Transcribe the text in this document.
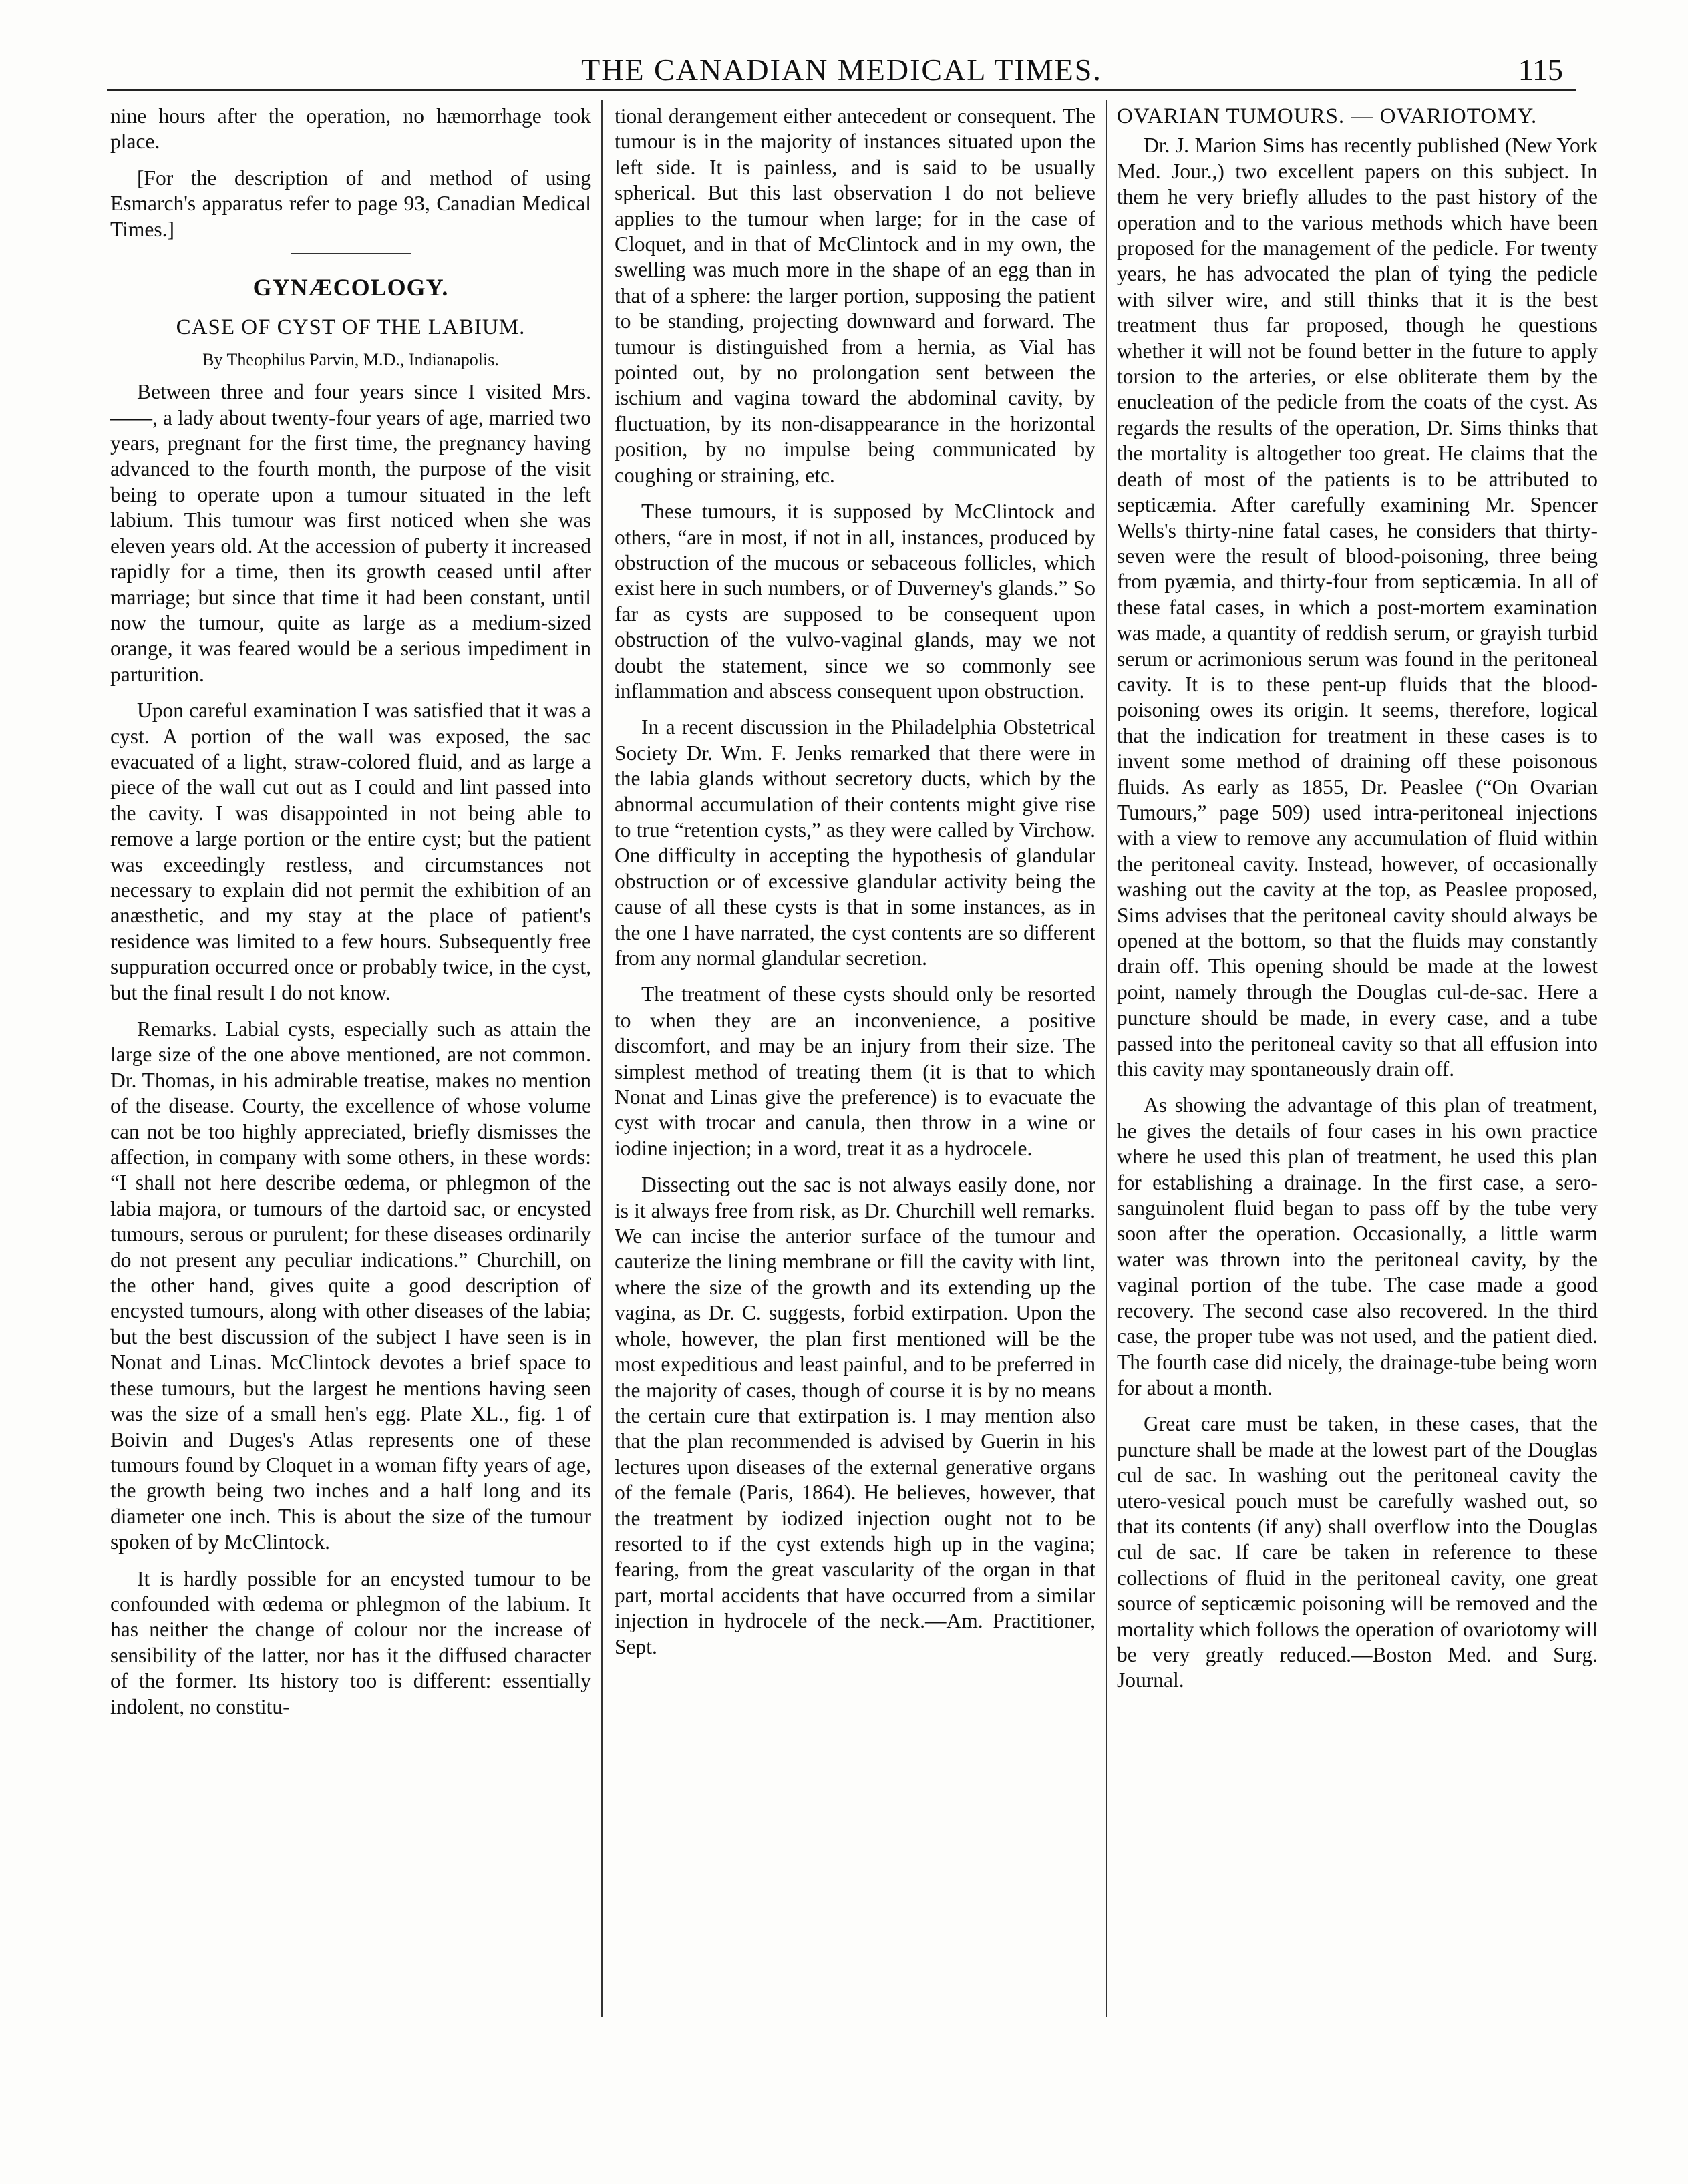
THE CANADIAN MEDICAL TIMES.	115

nine hours after the operation, no hæmorrhage took place.

[For the description of and method of using Esmarch's apparatus refer to page 93, Canadian Medical Times.]

GYNÆCOLOGY.
CASE OF CYST OF THE LABIUM.
By Theophilus Parvin, M.D., Indianapolis.

Between three and four years since I visited Mrs.——, a lady about twenty-four years of age, married two years, pregnant for the first time, the pregnancy having advanced to the fourth month, the purpose of the visit being to operate upon a tumour situated in the left labium. This tumour was first noticed when she was eleven years old. At the accession of puberty it increased rapidly for a time, then its growth ceased until after marriage; but since that time it had been constant, until now the tumour, quite as large as a medium-sized orange, it was feared would be a serious impediment in parturition.

Upon careful examination I was satisfied that it was a cyst. A portion of the wall was exposed, the sac evacuated of a light, straw-colored fluid, and as large a piece of the wall cut out as I could and lint passed into the cavity. I was disappointed in not being able to remove a large portion or the entire cyst; but the patient was exceedingly restless, and circumstances not necessary to explain did not permit the exhibition of an anæsthetic, and my stay at the place of patient's residence was limited to a few hours. Subsequently free suppuration occurred once or probably twice, in the cyst, but the final result I do not know.

Remarks. Labial cysts, especially such as attain the large size of the one above mentioned, are not common. Dr. Thomas, in his admirable treatise, makes no mention of the disease. Courty, the excellence of whose volume can not be too highly appreciated, briefly dismisses the affection, in company with some others, in these words: “I shall not here describe œdema, or phlegmon of the labia majora, or tumours of the dartoid sac, or encysted tumours, serous or purulent; for these diseases ordinarily do not present any peculiar indications.” Churchill, on the other hand, gives quite a good description of encysted tumours, along with other diseases of the labia; but the best discussion of the subject I have seen is in Nonat and Linas. McClintock devotes a brief space to these tumours, but the largest he mentions having seen was the size of a small hen's egg. Plate XL., fig. 1 of Boivin and Duges's Atlas represents one of these tumours found by Cloquet in a woman fifty years of age, the growth being two inches and a half long and its diameter one inch. This is about the size of the tumour spoken of by McClintock.

It is hardly possible for an encysted tumour to be confounded with œdema or phlegmon of the labium. It has neither the change of colour nor the increase of sensibility of the latter, nor has it the diffused character of the former. Its history too is different: essentially indolent, no constitu-

tional derangement either antecedent or consequent. The tumour is in the majority of instances situated upon the left side. It is painless, and is said to be usually spherical. But this last observation I do not believe applies to the tumour when large; for in the case of Cloquet, and in that of McClintock and in my own, the swelling was much more in the shape of an egg than in that of a sphere: the larger portion, supposing the patient to be standing, projecting downward and forward. The tumour is distinguished from a hernia, as Vial has pointed out, by no prolongation sent between the ischium and vagina toward the abdominal cavity, by fluctuation, by its non-disappearance in the horizontal position, by no impulse being communicated by coughing or straining, etc.

These tumours, it is supposed by McClintock and others, “are in most, if not in all, instances, produced by obstruction of the mucous or sebaceous follicles, which exist here in such numbers, or of Duverney's glands.” So far as cysts are supposed to be consequent upon obstruction of the vulvo-vaginal glands, may we not doubt the statement, since we so commonly see inflammation and abscess consequent upon obstruction.

In a recent discussion in the Philadelphia Obstetrical Society Dr. Wm. F. Jenks remarked that there were in the labia glands without secretory ducts, which by the abnormal accumulation of their contents might give rise to true “retention cysts,” as they were called by Virchow. One difficulty in accepting the hypothesis of glandular obstruction or of excessive glandular activity being the cause of all these cysts is that in some instances, as in the one I have narrated, the cyst contents are so different from any normal glandular secretion.

The treatment of these cysts should only be resorted to when they are an inconvenience, a positive discomfort, and may be an injury from their size. The simplest method of treating them (it is that to which Nonat and Linas give the preference) is to evacuate the cyst with trocar and canula, then throw in a wine or iodine injection; in a word, treat it as a hydrocele.

Dissecting out the sac is not always easily done, nor is it always free from risk, as Dr. Churchill well remarks. We can incise the anterior surface of the tumour and cauterize the lining membrane or fill the cavity with lint, where the size of the growth and its extending up the vagina, as Dr. C. suggests, forbid extirpation. Upon the whole, however, the plan first mentioned will be the most expeditious and least painful, and to be preferred in the majority of cases, though of course it is by no means the certain cure that extirpation is. I may mention also that the plan recommended is advised by Guerin in his lectures upon diseases of the external generative organs of the female (Paris, 1864). He believes, however, that the treatment by iodized injection ought not to be resorted to if the cyst extends high up in the vagina; fearing, from the great vascularity of the organ in that part, mortal accidents that have occurred from a similar injection in hydrocele of the neck.—Am. Practitioner, Sept.

OVARIAN TUMOURS. — OVARIOTOMY.

Dr. J. Marion Sims has recently published (New York Med. Jour.,) two excellent papers on this subject. In them he very briefly alludes to the past history of the operation and to the various methods which have been proposed for the management of the pedicle. For twenty years, he has advocated the plan of tying the pedicle with silver wire, and still thinks that it is the best treatment thus far proposed, though he questions whether it will not be found better in the future to apply torsion to the arteries, or else obliterate them by the enucleation of the pedicle from the coats of the cyst. As regards the results of the operation, Dr. Sims thinks that the mortality is altogether too great. He claims that the death of most of the patients is to be attributed to septicæmia. After carefully examining Mr. Spencer Wells's thirty-nine fatal cases, he considers that thirty-seven were the result of blood-poisoning, three being from pyæmia, and thirty-four from septicæmia. In all of these fatal cases, in which a post-mortem examination was made, a quantity of reddish serum, or grayish turbid serum or acrimonious serum was found in the peritoneal cavity. It is to these pent-up fluids that the blood-poisoning owes its origin. It seems, therefore, logical that the indication for treatment in these cases is to invent some method of draining off these poisonous fluids. As early as 1855, Dr. Peaslee (“On Ovarian Tumours,” page 509) used intra-peritoneal injections with a view to remove any accumulation of fluid within the peritoneal cavity. Instead, however, of occasionally washing out the cavity at the top, as Peaslee proposed, Sims advises that the peritoneal cavity should always be opened at the bottom, so that the fluids may constantly drain off. This opening should be made at the lowest point, namely through the Douglas cul-de-sac. Here a puncture should be made, in every case, and a tube passed into the peritoneal cavity so that all effusion into this cavity may spontaneously drain off.

As showing the advantage of this plan of treatment, he gives the details of four cases in his own practice where he used this plan of treatment, he used this plan for establishing a drainage. In the first case, a sero-sanguinolent fluid began to pass off by the tube very soon after the operation. Occasionally, a little warm water was thrown into the peritoneal cavity, by the vaginal portion of the tube. The case made a good recovery. The second case also recovered. In the third case, the proper tube was not used, and the patient died. The fourth case did nicely, the drainage-tube being worn for about a month.

Great care must be taken, in these cases, that the puncture shall be made at the lowest part of the Douglas cul de sac. In washing out the peritoneal cavity the utero-vesical pouch must be carefully washed out, so that its contents (if any) shall overflow into the Douglas cul de sac. If care be taken in reference to these collections of fluid in the peritoneal cavity, one great source of septicæmic poisoning will be removed and the mortality which follows the operation of ovariotomy will be very greatly reduced.—Boston Med. and Surg. Journal.
